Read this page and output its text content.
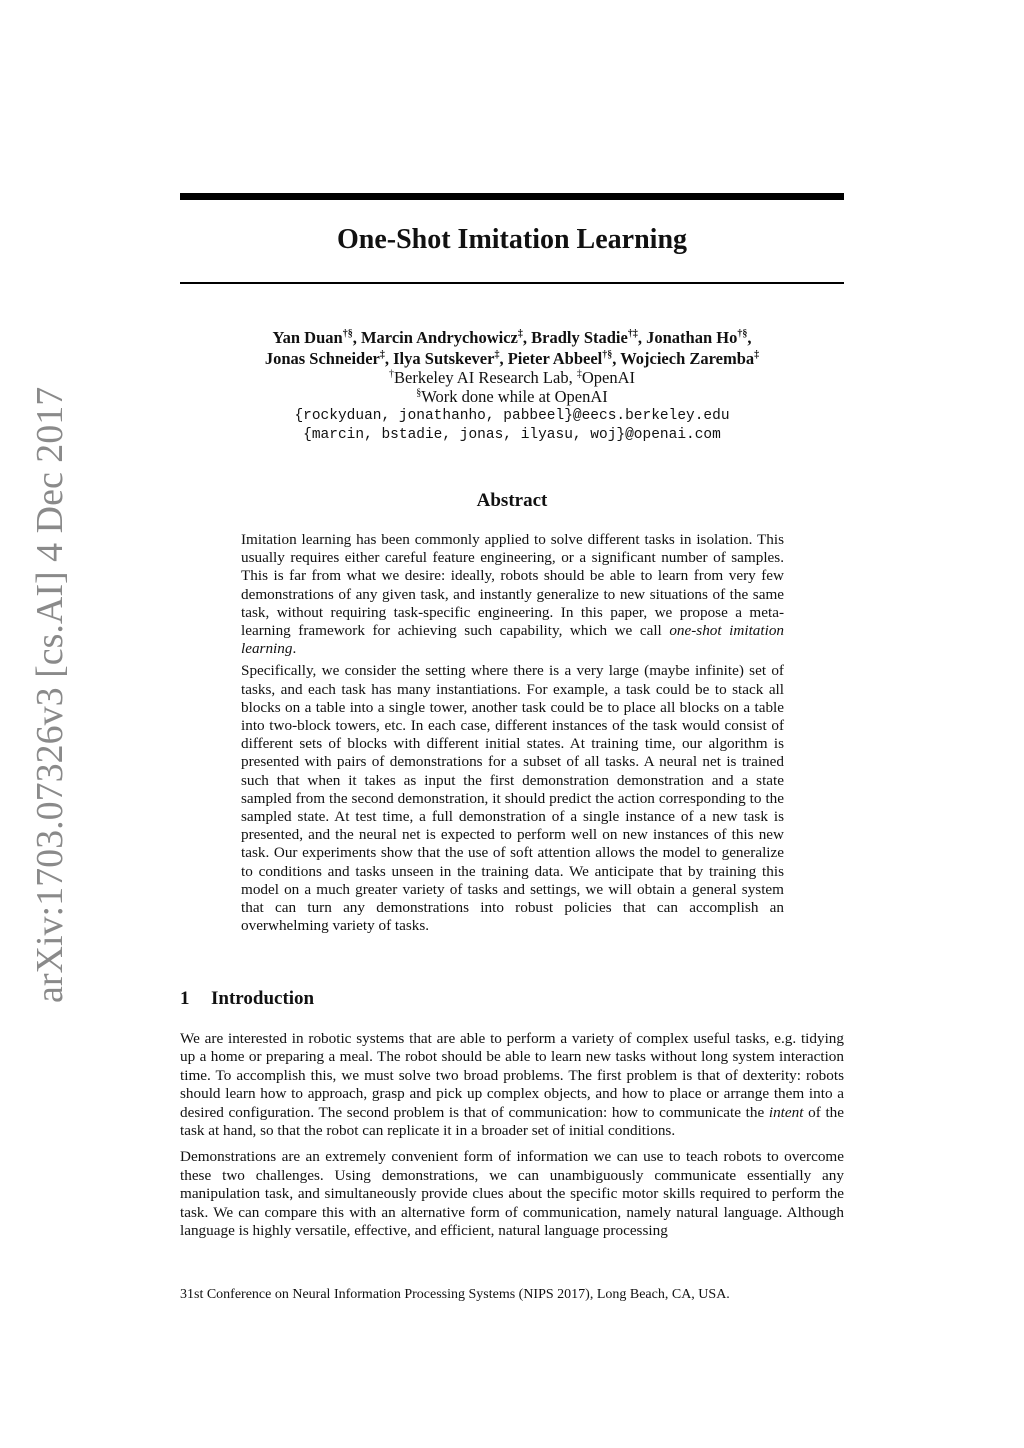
arXiv:1703.07326v3 [cs.AI] 4 Dec 2017
One-Shot Imitation Learning
Yan Duan†§, Marcin Andrychowicz‡, Bradly Stadie†‡, Jonathan Ho†§,
Jonas Schneider‡, Ilya Sutskever‡, Pieter Abbeel†§, Wojciech Zaremba‡
†Berkeley AI Research Lab, ‡OpenAI
§Work done while at OpenAI
{rockyduan, jonathanho, pabbeel}@eecs.berkeley.edu
{marcin, bstadie, jonas, ilyasu, woj}@openai.com
Abstract

Imitation learning has been commonly applied to solve different tasks in isolation. This usually requires either careful feature engineering, or a significant number of samples. This is far from what we desire: ideally, robots should be able to learn from very few demonstrations of any given task, and instantly generalize to new situations of the same task, without requiring task-specific engineering. In this paper, we propose a meta-learning framework for achieving such capability, which we call one-shot imitation learning.

Specifically, we consider the setting where there is a very large (maybe infinite) set of tasks, and each task has many instantiations. For example, a task could be to stack all blocks on a table into a single tower, another task could be to place all blocks on a table into two-block towers, etc. In each case, different instances of the task would consist of different sets of blocks with different initial states. At training time, our algorithm is presented with pairs of demonstrations for a subset of all tasks. A neural net is trained such that when it takes as input the first demonstration demonstration and a state sampled from the second demonstration, it should predict the action corresponding to the sampled state. At test time, a full demonstration of a single instance of a new task is presented, and the neural net is expected to perform well on new instances of this new task. Our experiments show that the use of soft attention allows the model to generalize to conditions and tasks unseen in the training data. We anticipate that by training this model on a much greater variety of tasks and settings, we will obtain a general system that can turn any demonstrations into robust policies that can accomplish an overwhelming variety of tasks.

1 Introduction

We are interested in robotic systems that are able to perform a variety of complex useful tasks, e.g. tidying up a home or preparing a meal. The robot should be able to learn new tasks without long system interaction time. To accomplish this, we must solve two broad problems. The first problem is that of dexterity: robots should learn how to approach, grasp and pick up complex objects, and how to place or arrange them into a desired configuration. The second problem is that of communication: how to communicate the intent of the task at hand, so that the robot can replicate it in a broader set of initial conditions.

Demonstrations are an extremely convenient form of information we can use to teach robots to overcome these two challenges. Using demonstrations, we can unambiguously communicate essentially any manipulation task, and simultaneously provide clues about the specific motor skills required to perform the task. We can compare this with an alternative form of communication, namely natural language. Although language is highly versatile, effective, and efficient, natural language processing

31st Conference on Neural Information Processing Systems (NIPS 2017), Long Beach, CA, USA.
